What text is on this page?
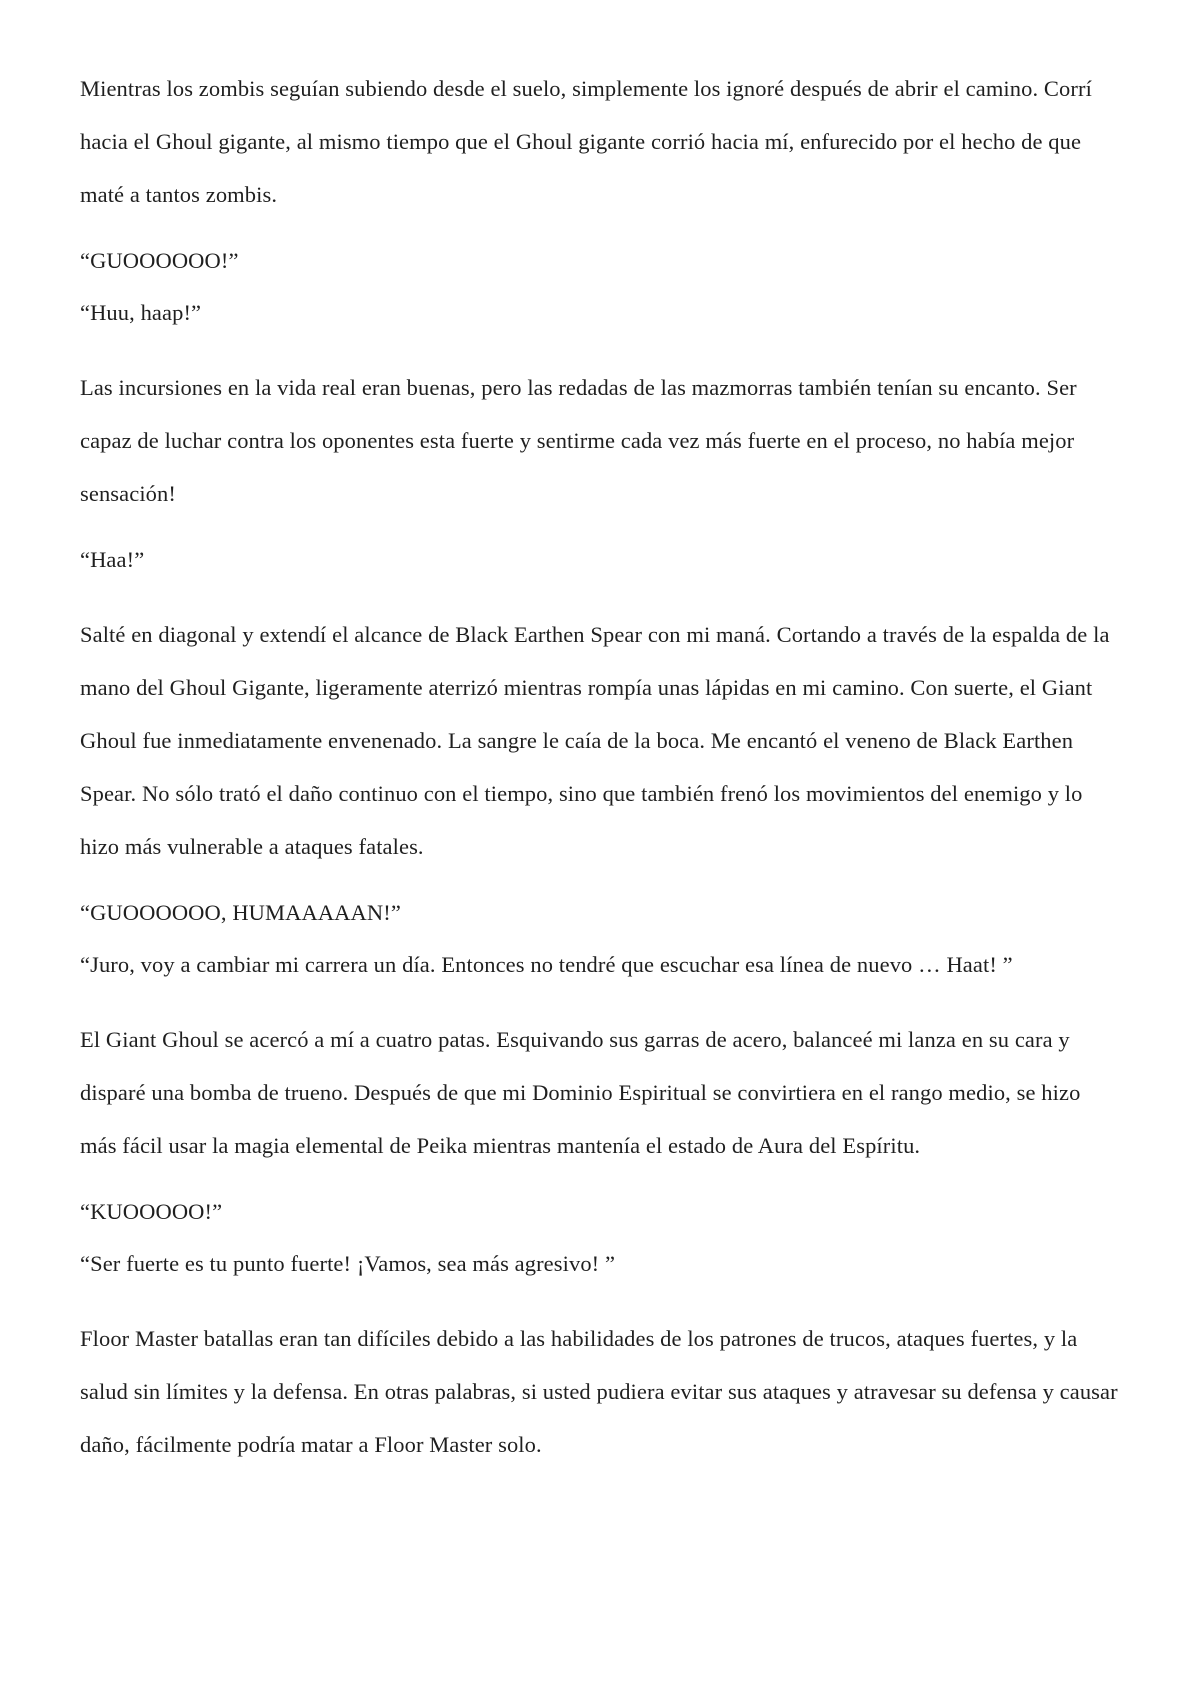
Mientras los zombis seguían subiendo desde el suelo, simplemente los ignoré después de abrir el camino. Corrí hacia el Ghoul gigante, al mismo tiempo que el Ghoul gigante corrió hacia mí, enfurecido por el hecho de que maté a tantos zombis.

“GUOOOOOO!”

“Huu, haap!”

Las incursiones en la vida real eran buenas, pero las redadas de las mazmorras también tenían su encanto. Ser capaz de luchar contra los oponentes esta fuerte y sentirme cada vez más fuerte en el proceso, no había mejor sensación!

“Haa!”

Salté en diagonal y extendí el alcance de Black Earthen Spear con mi maná. Cortando a través de la espalda de la mano del Ghoul Gigante, ligeramente aterrizó mientras rompía unas lápidas en mi camino. Con suerte, el Giant Ghoul fue inmediatamente envenenado. La sangre le caía de la boca. Me encantó el veneno de Black Earthen Spear. No sólo trató el daño continuo con el tiempo, sino que también frenó los movimientos del enemigo y lo hizo más vulnerable a ataques fatales.

“GUOOOOOO, HUMAAAAAN!”

“Juro, voy a cambiar mi carrera un día. Entonces no tendré que escuchar esa línea de nuevo … Haat! ”

El Giant Ghoul se acercó a mí a cuatro patas. Esquivando sus garras de acero, balanceé mi lanza en su cara y disparé una bomba de trueno. Después de que mi Dominio Espiritual se convirtiera en el rango medio, se hizo más fácil usar la magia elemental de Peika mientras mantenía el estado de Aura del Espíritu.

“KUOOOOO!”

“Ser fuerte es tu punto fuerte! ¡Vamos, sea más agresivo! ”

Floor Master batallas eran tan difíciles debido a las habilidades de los patrones de trucos, ataques fuertes, y la salud sin límites y la defensa. En otras palabras, si usted pudiera evitar sus ataques y atravesar su defensa y causar daño, fácilmente podría matar a Floor Master solo.
